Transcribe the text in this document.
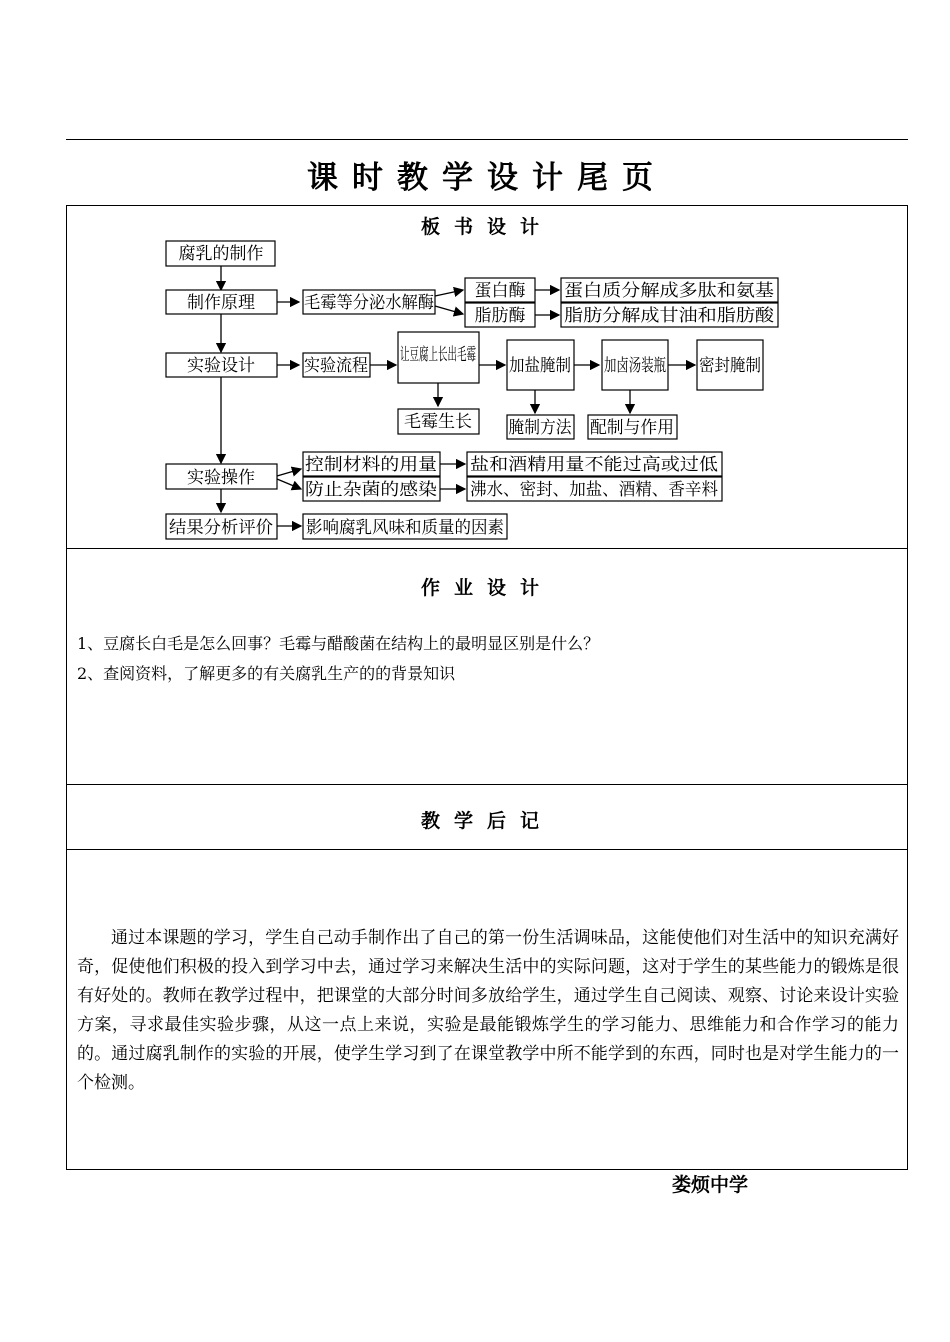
课时教学设计尾页
板书设计
腐乳的制作
制作原理	毛霉等分泌水解酶
蛋白酶
脂肪酶
蛋白质分解成多肽和氨基
脂肪分解成甘油和脂肪酸
实验设计	实验流程
让豆腐上长出毛霉
加盐腌制 加卤汤装瓶 密封腌制
毛霉生长 腌制方法 配制与作用
实验操作
控制材料的用量
防止杂菌的感染
盐和酒精用量不能过高或过低
沸水、密封、加盐、酒精、香辛料
结果分析评价 影响腐乳风味和质量的因素
作业设计
1、豆腐长白毛是怎么回事？毛霉与醋酸菌在结构上的最明显区别是什么？
2、查阅资料，了解更多的有关腐乳生产的的背景知识
教学后记

通过本课题的学习，学生自己动手制作出了自己的第一份生活调味品，这能使他们对生活中的知识充满好奇，促使他们积极的投入到学习中去，通过学习来解决生活中的实际问题，这对于学生的某些能力的锻炼是很有好处的。教师在教学过程中，把课堂的大部分时间多放给学生，通过学生自己阅读、观察、讨论来设计实验方案，寻求最佳实验步骤，从这一点上来说，实验是最能锻炼学生的学习能力、思维能力和合作学习的能力的。通过腐乳制作的实验的开展，使学生学习到了在课堂教学中所不能学到的东西，同时也是对学生能力的一个检测。

娄烦中学
